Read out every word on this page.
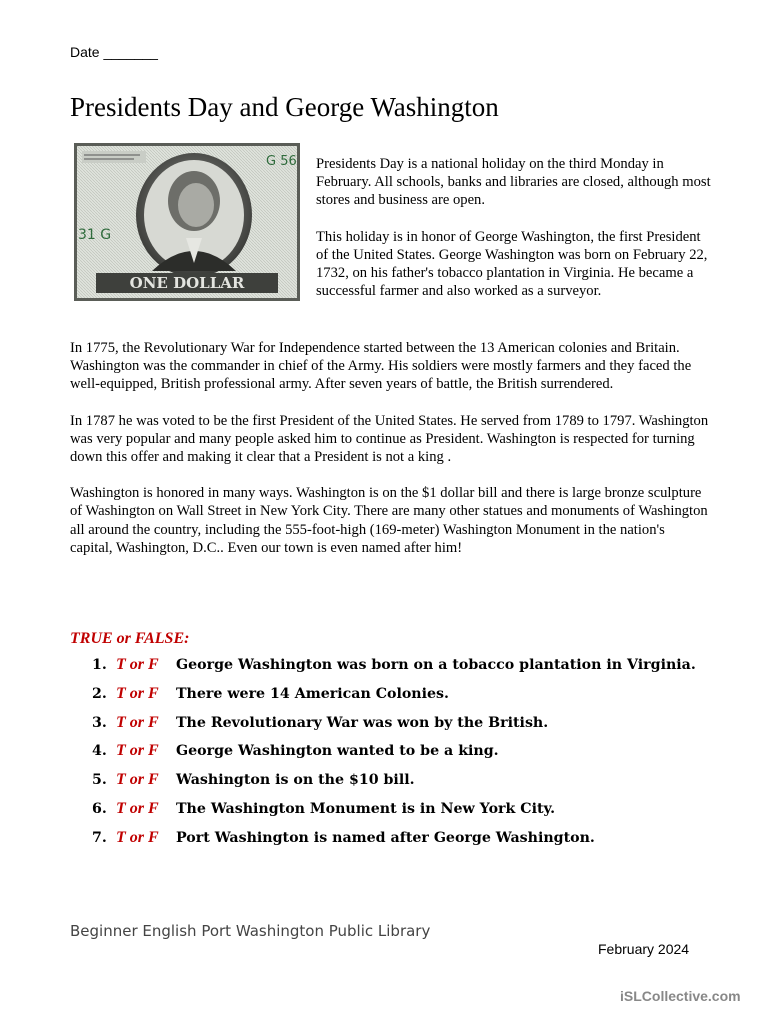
Date _______
Presidents Day and George Washington
G 56
31 G
ONE DOLLAR

Presidents Day is a national holiday on the third Monday in February. All schools, banks and libraries are closed, although most stores and business are open.

This holiday is in honor of George Washington, the first President of the United States. George Washington was born on February 22, 1732, on his father's tobacco plantation in Virginia. He became a successful farmer and also worked as a surveyor.

In 1775, the Revolutionary War for Independence started between the 13 American colonies and Britain. Washington was the commander in chief of the Army. His soldiers were mostly farmers and they faced the well-equipped, British professional army. After seven years of battle, the British surrendered.

In 1787 he was voted to be the first President of the United States. He served from 1789 to 1797. Washington was very popular and many people asked him to continue as President. Washington is respected for turning down this offer and making it clear that a President is not a king .

Washington is honored in many ways. Washington is on the $1 dollar bill and there is large bronze sculpture of Washington on Wall Street in New York City. There are many other statues and monuments of Washington all around the country, including the 555-foot-high (169-meter) Washington Monument in the nation's capital, Washington, D.C.. Even our town is even named after him!

TRUE or FALSE:
1. T or F George Washington was born on a tobacco plantation in Virginia.
2. T or F There were 14 American Colonies.
3. T or F The Revolutionary War was won by the British.
4. T or F George Washington wanted to be a king.
5. T or F Washington is on the $10 bill.
6. T or F The Washington Monument is in New York City.
7. T or F Port Washington is named after George Washington.
Beginner English Port Washington Public Library
February 2024
iSLCollective.com
